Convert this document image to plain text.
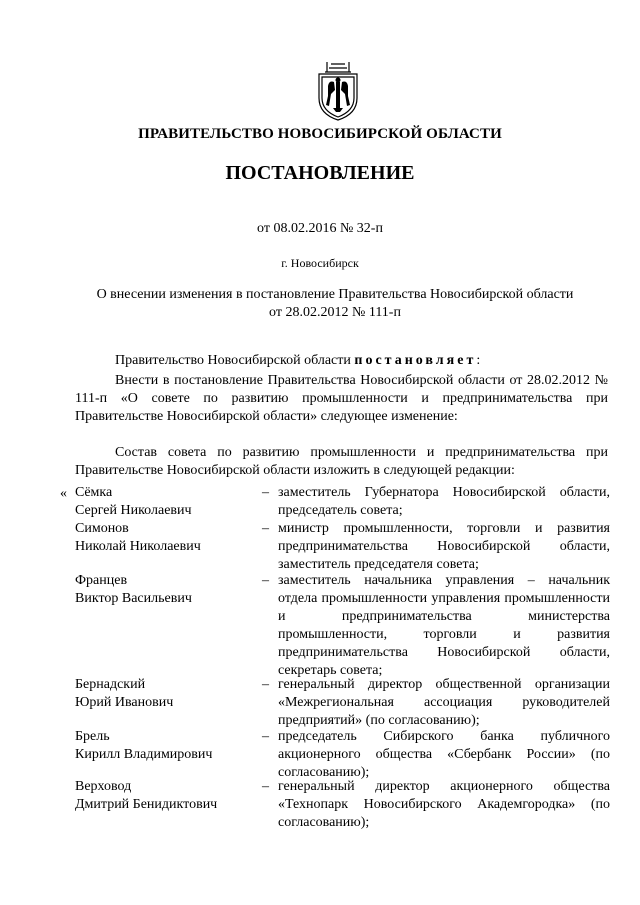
ПРАВИТЕЛЬСТВО НОВОСИБИРСКОЙ ОБЛАСТИ
ПОСТАНОВЛЕНИЕ
от 08.02.2016 № 32-п
г. Новосибирск
О внесении изменения в постановление Правительства Новосибирской области
от 28.02.2012 № 111-п
Правительство Новосибирской области постановляет:
Внести в постановление Правительства Новосибирской области от 28.02.2012 № 111-п «О совете по развитию промышленности и предпринимательства при Правительстве Новосибирской области» следующее изменение:
Состав совета по развитию промышленности и предпринимательства при Правительстве Новосибирской области изложить в следующей редакции:
« Сёмка
Сергей Николаевич
– заместитель Губернатора Новосибирской области, председатель совета;
Симонов
Николай Николаевич
– министр промышленности, торговли и развития предпринимательства Новосибирской области, заместитель председателя совета;
Францев
Виктор Васильевич
– заместитель начальника управления – начальник отдела промышленности управления промышленности и предпринимательства министерства промышленности, торговли и развития предпринимательства Новосибирской области, секретарь совета;
Бернадский
Юрий Иванович
– генеральный директор общественной организации «Межрегиональная ассоциация руководителей предприятий» (по согласованию);
Брель
Кирилл Владимирович
– председатель Сибирского банка публичного акционерного общества «Сбербанк России» (по согласованию);
Верховод
Дмитрий Бенидиктович
– генеральный директор акционерного общества «Технопарк Новосибирского Академгородка» (по согласованию);
